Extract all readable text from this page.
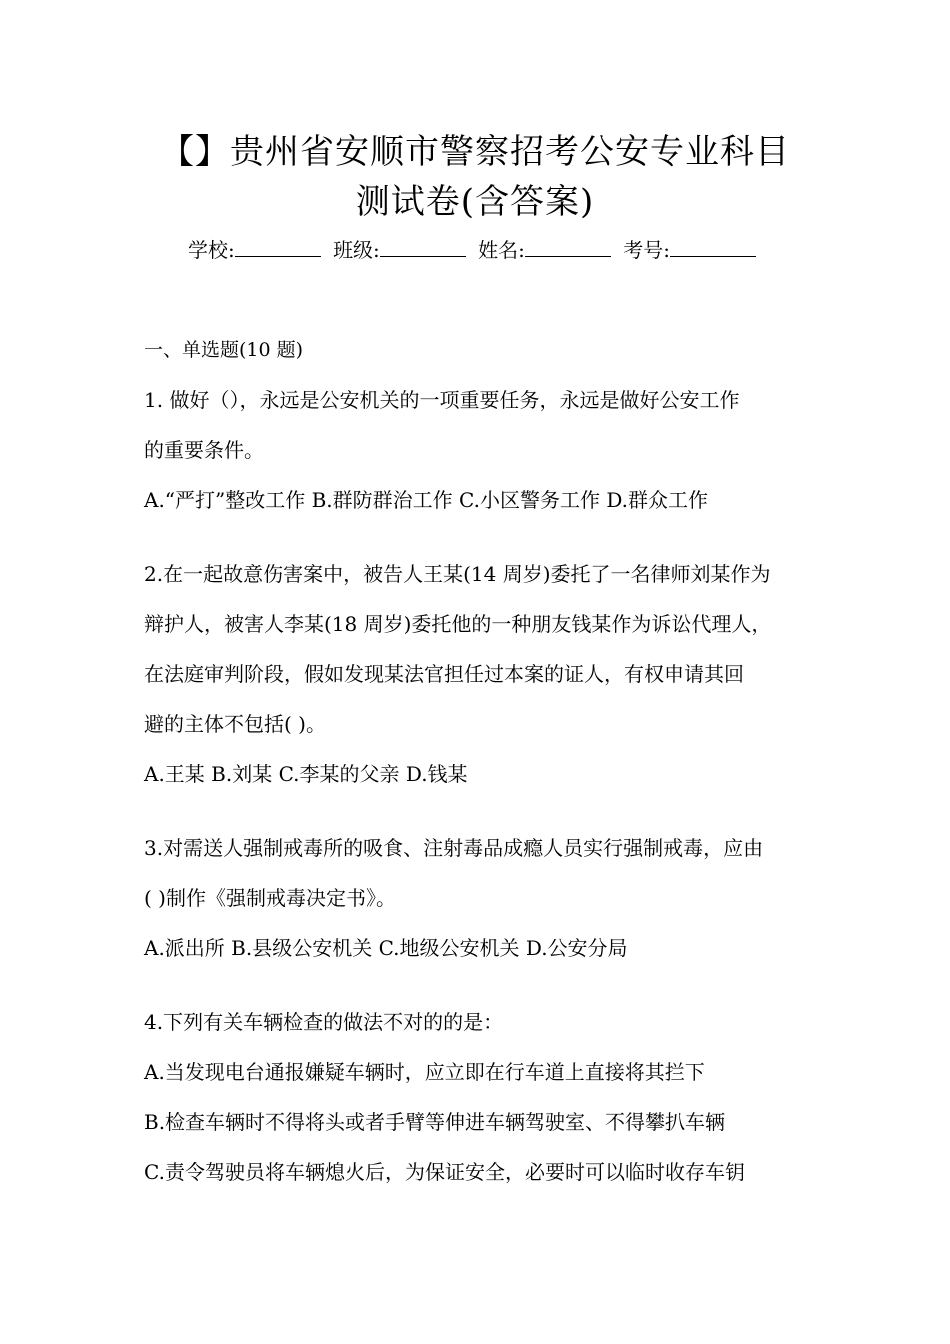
【】贵州省安顺市警察招考公安专业科目
测试卷(含答案)
学校:	班级:	姓名:	考号:
一、单选题(10 题)
1. 做好（），永远是公安机关的一项重要任务，永远是做好公安工作
的重要条件。
A.“严打”整改工作 B.群防群治工作 C.小区警务工作 D.群众工作
2.在一起故意伤害案中，被告人王某(14 周岁)委托了一名律师刘某作为
辩护人，被害人李某(18 周岁)委托他的一种朋友钱某作为诉讼代理人，
在法庭审判阶段，假如发现某法官担任过本案的证人，有权申请其回
避的主体不包括( )。
A.王某 B.刘某 C.李某的父亲 D.钱某
3.对需送人强制戒毒所的吸食、注射毒品成瘾人员实行强制戒毒，应由
( )制作《强制戒毒决定书》。
A.派出所 B.县级公安机关 C.地级公安机关 D.公安分局
4.下列有关车辆检查的做法不对的的是：
A.当发现电台通报嫌疑车辆时，应立即在行车道上直接将其拦下
B.检查车辆时不得将头或者手臂等伸进车辆驾驶室、不得攀扒车辆
C.责令驾驶员将车辆熄火后，为保证安全，必要时可以临时收存车钥
